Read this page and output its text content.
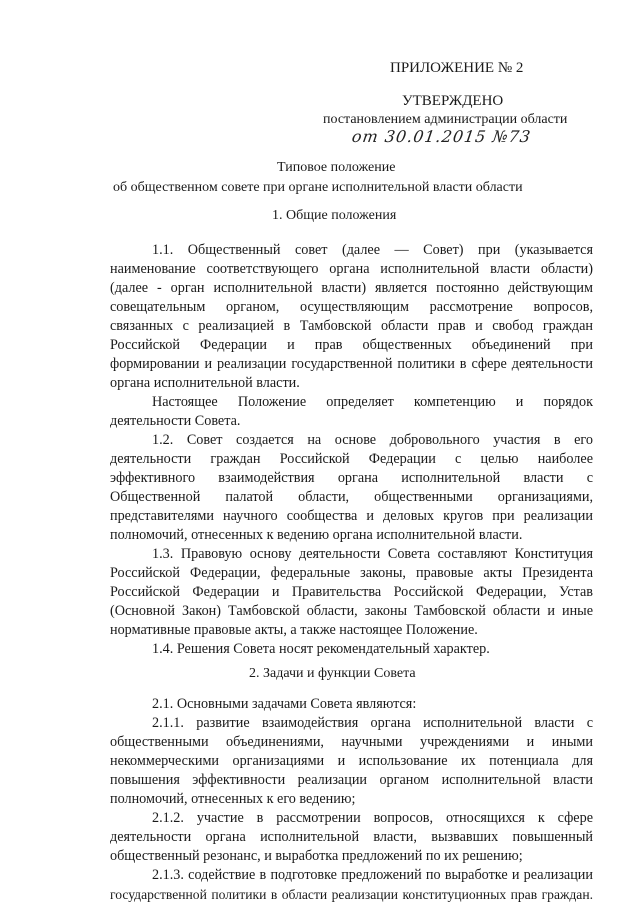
ПРИЛОЖЕНИЕ № 2
УТВЕРЖДЕНО
постановлением администрации области
от 30.01.2015 №73
Типовое положение
об общественном совете при органе исполнительной власти области
1. Общие положения
1.1. Общественный совет (далее — Совет) при (указывается
наименование соответствующего органа исполнительной власти области)
(далее - орган исполнительной власти) является постоянно действующим
совещательным органом, осуществляющим рассмотрение вопросов,
связанных с реализацией в Тамбовской области прав и свобод граждан
Российской Федерации и прав общественных объединений при
формировании и реализации государственной политики в сфере деятельности
органа исполнительной власти.
Настоящее Положение определяет компетенцию и порядок
деятельности Совета.
1.2. Совет создается на основе добровольного участия в его
деятельности граждан Российской Федерации с целью наиболее
эффективного взаимодействия органа исполнительной власти с
Общественной палатой области, общественными организациями,
представителями научного сообщества и деловых кругов при реализации
полномочий, отнесенных к ведению органа исполнительной власти.
1.3. Правовую основу деятельности Совета составляют Конституция
Российской Федерации, федеральные законы, правовые акты Президента
Российской Федерации и Правительства Российской Федерации, Устав
(Основной Закон) Тамбовской области, законы Тамбовской области и иные
нормативные правовые акты, а также настоящее Положение.
1.4. Решения Совета носят рекомендательный характер.
2. Задачи и функции Совета
2.1. Основными задачами Совета являются:
2.1.1. развитие взаимодействия органа исполнительной власти с
общественными объединениями, научными учреждениями и иными
некоммерческими организациями и использование их потенциала для
повышения эффективности реализации органом исполнительной власти
полномочий, отнесенных к его ведению;
2.1.2. участие в рассмотрении вопросов, относящихся к сфере
деятельности органа исполнительной власти, вызвавших повышенный
общественный резонанс, и выработка предложений по их решению;
2.1.3. содействие в подготовке предложений по выработке и реализации
государственной политики в области реализации конституционных прав граждан.
